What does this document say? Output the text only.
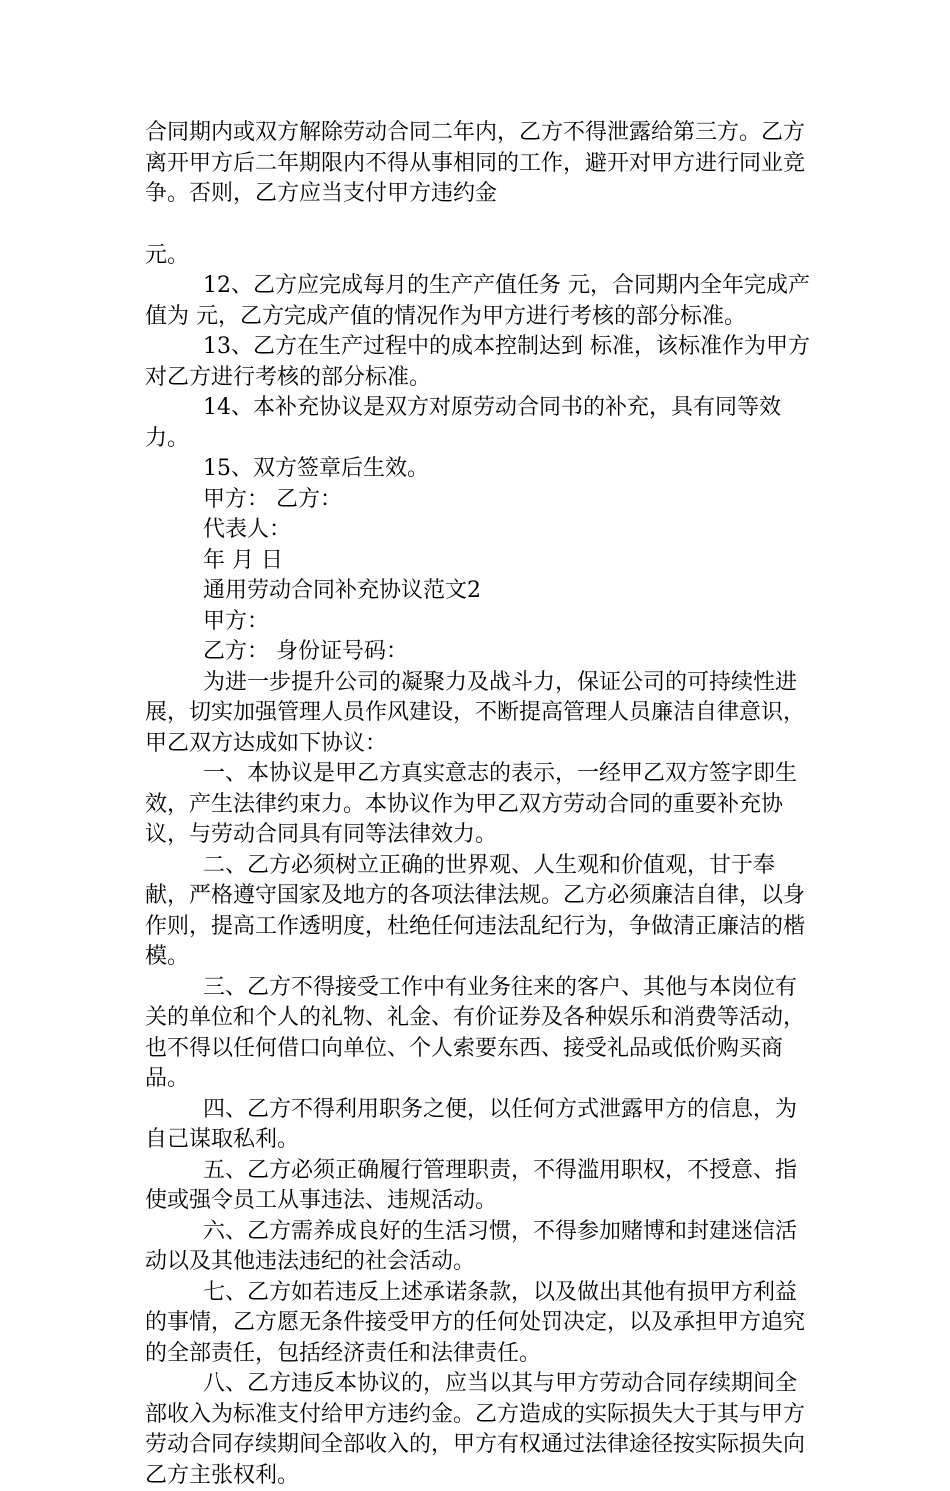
合同期内或双方解除劳动合同二年内，乙方不得泄露给第三方。乙方离开甲方后二年期限内不得从事相同的工作，避开对甲方进行同业竞争。否则，乙方应当支付甲方违约金

元。

12、乙方应完成每月的生产产值任务 元，合同期内全年完成产值为 元，乙方完成产值的情况作为甲方进行考核的部分标准。

13、乙方在生产过程中的成本控制达到 标准，该标准作为甲方对乙方进行考核的部分标准。

14、本补充协议是双方对原劳动合同书的补充，具有同等效力。

15、双方签章后生效。

甲方： 乙方：

代表人：

年 月 日

通用劳动合同补充协议范文2

甲方：

乙方： 身份证号码：

为进一步提升公司的凝聚力及战斗力，保证公司的可持续性进展，切实加强管理人员作风建设，不断提高管理人员廉洁自律意识，甲乙双方达成如下协议：

一、本协议是甲乙方真实意志的表示，一经甲乙双方签字即生效，产生法律约束力。本协议作为甲乙双方劳动合同的重要补充协议，与劳动合同具有同等法律效力。

二、乙方必须树立正确的世界观、人生观和价值观，甘于奉献，严格遵守国家及地方的各项法律法规。乙方必须廉洁自律，以身作则，提高工作透明度，杜绝任何违法乱纪行为，争做清正廉洁的楷模。

三、乙方不得接受工作中有业务往来的客户、其他与本岗位有关的单位和个人的礼物、礼金、有价证券及各种娱乐和消费等活动，也不得以任何借口向单位、个人索要东西、接受礼品或低价购买商品。

四、乙方不得利用职务之便，以任何方式泄露甲方的信息，为自己谋取私利。

五、乙方必须正确履行管理职责，不得滥用职权，不授意、指使或强令员工从事违法、违规活动。

六、乙方需养成良好的生活习惯，不得参加赌博和封建迷信活动以及其他违法违纪的社会活动。

七、乙方如若违反上述承诺条款，以及做出其他有损甲方利益的事情，乙方愿无条件接受甲方的任何处罚决定，以及承担甲方追究的全部责任，包括经济责任和法律责任。

八、乙方违反本协议的，应当以其与甲方劳动合同存续期间全部收入为标准支付给甲方违约金。乙方造成的实际损失大于其与甲方劳动合同存续期间全部收入的，甲方有权通过法律途径按实际损失向乙方主张权利。
